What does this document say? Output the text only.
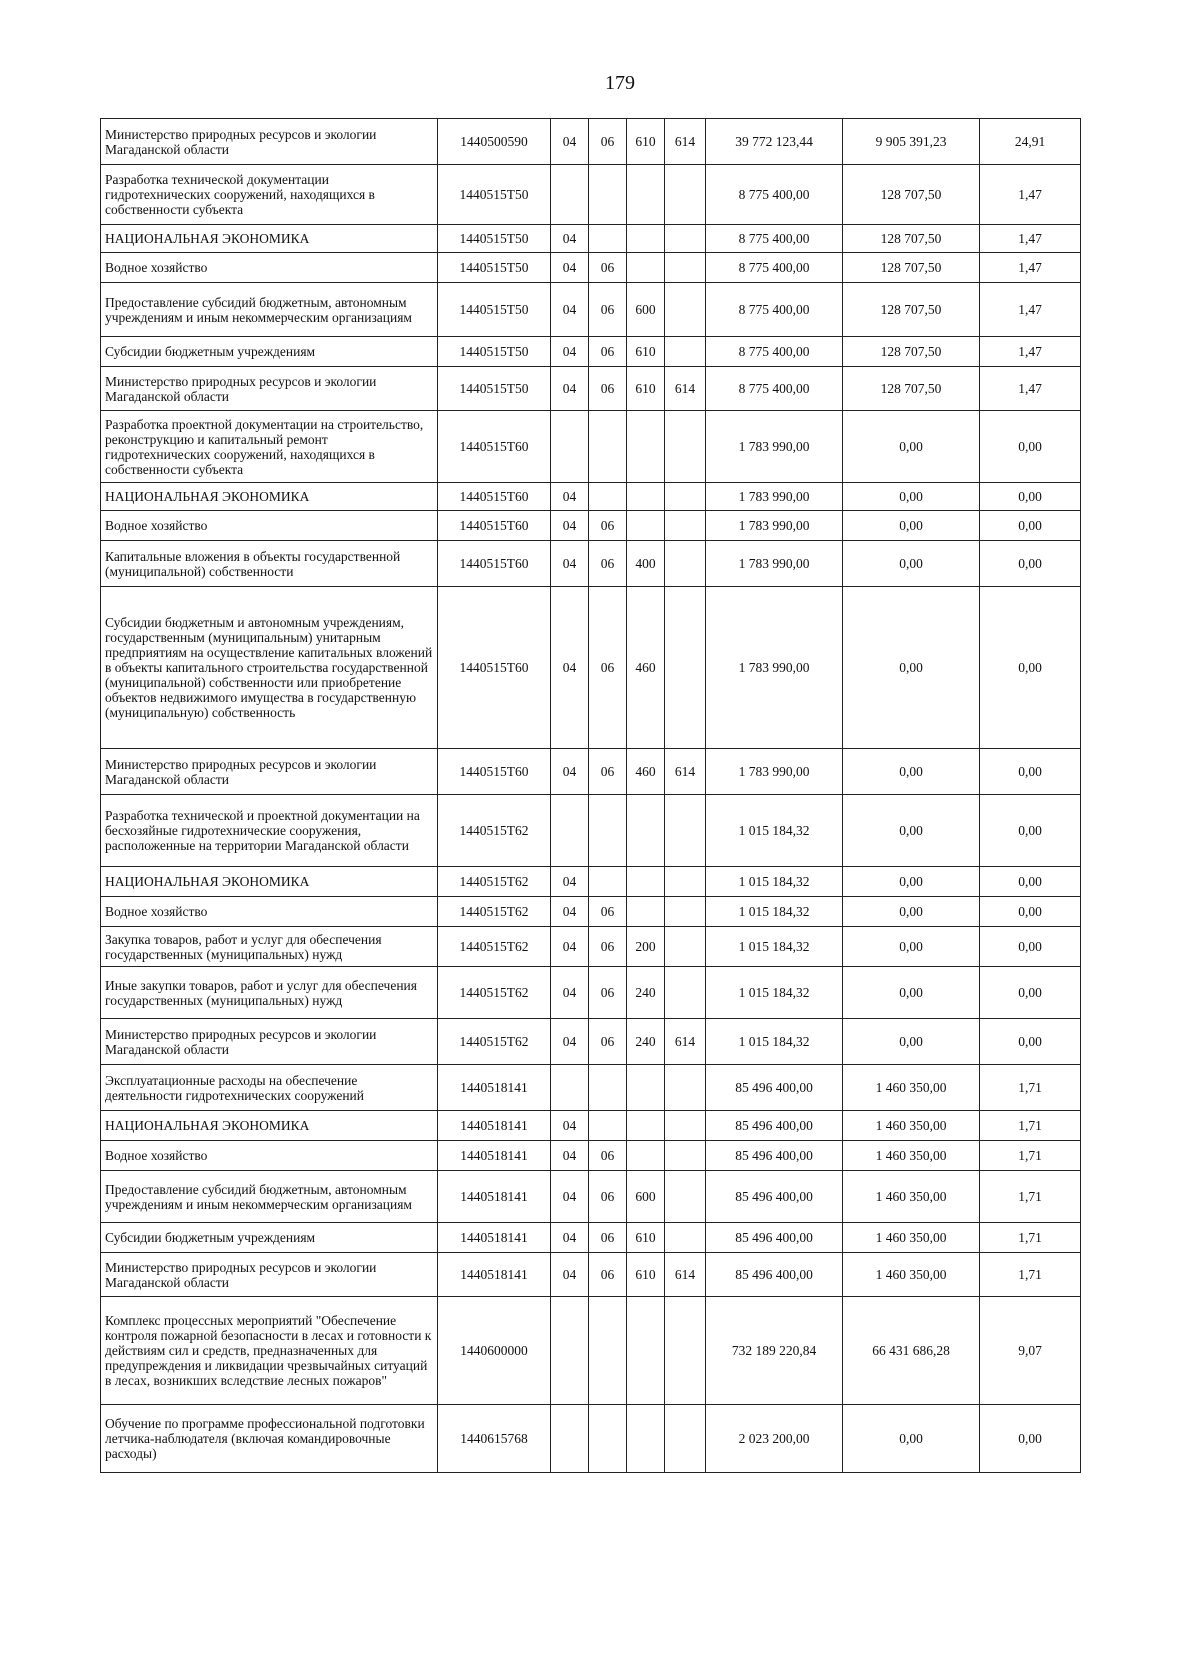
179
Министерство природных ресурсов и экологии Магаданской области	1440500590	04	06	610	614	39 772 123,44	9 905 391,23	24,91
Разработка технической документации гидротехнических сооружений, находящихся в собственности субъекта	1440515T50					8 775 400,00	128 707,50	1,47
НАЦИОНАЛЬНАЯ ЭКОНОМИКА	1440515T50	04				8 775 400,00	128 707,50	1,47
Водное хозяйство	1440515T50	04	06			8 775 400,00	128 707,50	1,47
Предоставление субсидий бюджетным, автономным учреждениям и иным некоммерческим организациям	1440515T50	04	06	600		8 775 400,00	128 707,50	1,47
Субсидии бюджетным учреждениям	1440515T50	04	06	610		8 775 400,00	128 707,50	1,47
Министерство природных ресурсов и экологии Магаданской области	1440515T50	04	06	610	614	8 775 400,00	128 707,50	1,47
Разработка проектной документации на строительство, реконструкцию и капитальный ремонт гидротехнических сооружений, находящихся в собственности субъекта	1440515T60					1 783 990,00	0,00	0,00
НАЦИОНАЛЬНАЯ ЭКОНОМИКА	1440515T60	04				1 783 990,00	0,00	0,00
Водное хозяйство	1440515T60	04	06			1 783 990,00	0,00	0,00
Капитальные вложения в объекты государственной (муниципальной) собственности	1440515T60	04	06	400		1 783 990,00	0,00	0,00
Субсидии бюджетным и автономным учреждениям, государственным (муниципальным) унитарным предприятиям на осуществление капитальных вложений в объекты капитального строительства государственной (муниципальной) собственности или приобретение объектов недвижимого имущества в государственную (муниципальную) собственность	1440515T60	04	06	460		1 783 990,00	0,00	0,00
Министерство природных ресурсов и экологии Магаданской области	1440515T60	04	06	460	614	1 783 990,00	0,00	0,00
Разработка технической и проектной документации на бесхозяйные гидротехнические сооружения, расположенные на территории Магаданской области	1440515T62					1 015 184,32	0,00	0,00
НАЦИОНАЛЬНАЯ ЭКОНОМИКА	1440515T62	04				1 015 184,32	0,00	0,00
Водное хозяйство	1440515T62	04	06			1 015 184,32	0,00	0,00
Закупка товаров, работ и услуг для обеспечения государственных (муниципальных) нужд	1440515T62	04	06	200		1 015 184,32	0,00	0,00
Иные закупки товаров, работ и услуг для обеспечения государственных (муниципальных) нужд	1440515T62	04	06	240		1 015 184,32	0,00	0,00
Министерство природных ресурсов и экологии Магаданской области	1440515T62	04	06	240	614	1 015 184,32	0,00	0,00
Эксплуатационные расходы на обеспечение деятельности гидротехнических сооружений	1440518141					85 496 400,00	1 460 350,00	1,71
НАЦИОНАЛЬНАЯ ЭКОНОМИКА	1440518141	04				85 496 400,00	1 460 350,00	1,71
Водное хозяйство	1440518141	04	06			85 496 400,00	1 460 350,00	1,71
Предоставление субсидий бюджетным, автономным учреждениям и иным некоммерческим организациям	1440518141	04	06	600		85 496 400,00	1 460 350,00	1,71
Субсидии бюджетным учреждениям	1440518141	04	06	610		85 496 400,00	1 460 350,00	1,71
Министерство природных ресурсов и экологии Магаданской области	1440518141	04	06	610	614	85 496 400,00	1 460 350,00	1,71
Комплекс процессных мероприятий "Обеспечение контроля пожарной безопасности в лесах и готовности к действиям сил и средств, предназначенных для предупреждения и ликвидации чрезвычайных ситуаций в лесах, возникших вследствие лесных пожаров"	1440600000					732 189 220,84	66 431 686,28	9,07
Обучение по программе профессиональной подготовки летчика-наблюдателя (включая командировочные расходы)	1440615768					2 023 200,00	0,00	0,00
